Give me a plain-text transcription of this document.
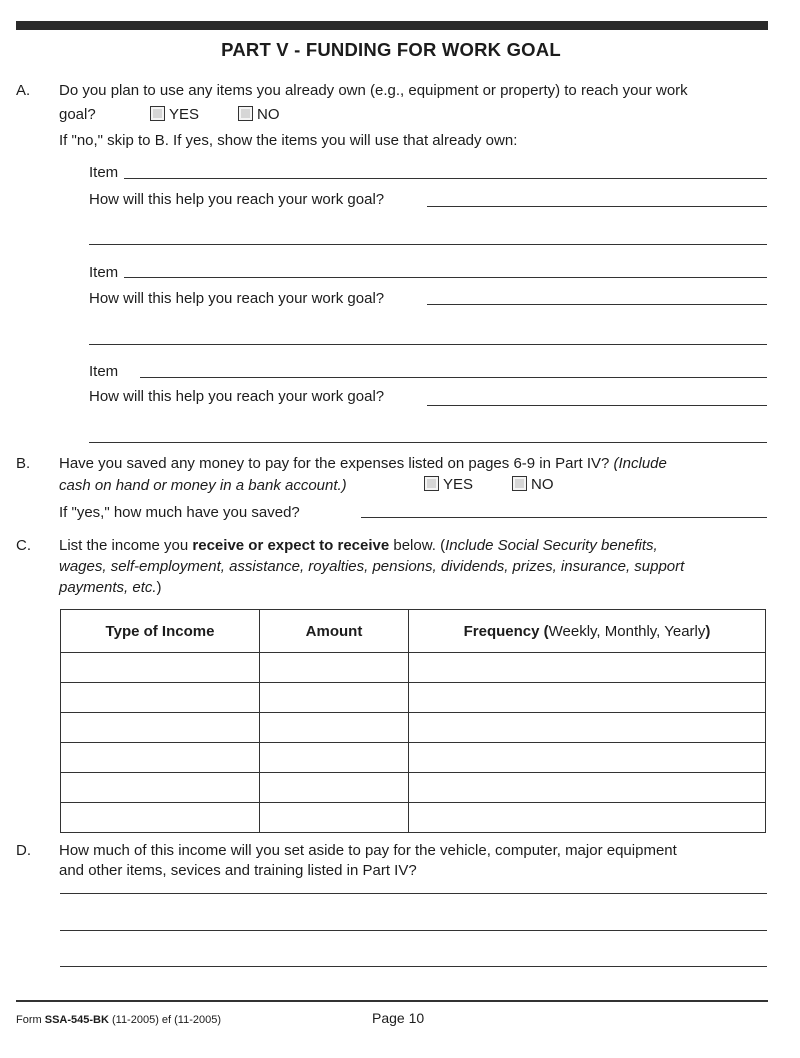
PART V - FUNDING FOR WORK GOAL
A. Do you plan to use any items you already own (e.g., equipment or property) to reach your work
goal?	YES	NO
If "no," skip to B. If yes, show the items you will use that already own:
Item
How will this help you reach your work goal?
Item
How will this help you reach your work goal?
Item
How will this help you reach your work goal?
B. Have you saved any money to pay for the expenses listed on pages 6-9 in Part IV? (Include
cash on hand or money in a bank account.)	YES	NO
If "yes," how much have you saved?
C. List the income you receive or expect to receive below. (Include Social Security benefits,
wages, self-employment, assistance, royalties, pensions, dividends, prizes, insurance, support
payments, etc.)
Type of Income	Amount	Frequency (Weekly, Monthly, Yearly)

D. How much of this income will you set aside to pay for the vehicle, computer, major equipment
and other items, sevices and training listed in Part IV?
Form SSA-545-BK (11-2005) ef (11-2005)	Page 10
